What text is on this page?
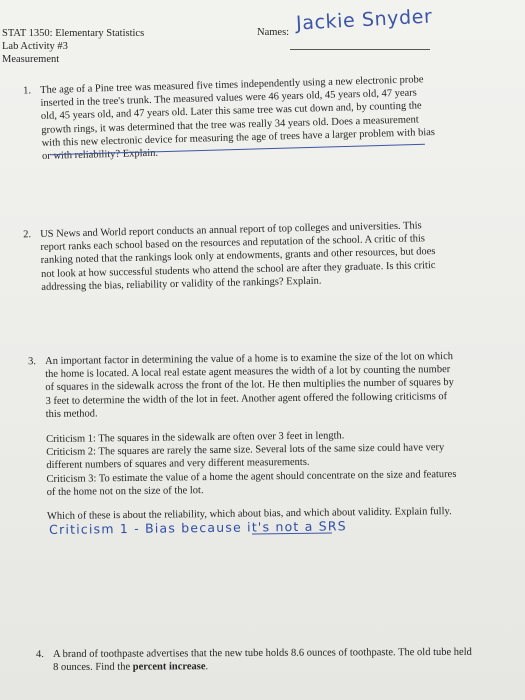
STAT 1350: Elementary Statistics
Lab Activity #3
Measurement
Names: Jackie Snyder
1. The age of a Pine tree was measured five times independently using a new electronic probe inserted in the tree's trunk. The measured values were 46 years old, 45 years old, 47 years old, 45 years old, and 47 years old. Later this same tree was cut down and, by counting the growth rings, it was determined that the tree was really 34 years old. Does a measurement with this new electronic device for measuring the age of trees have a larger problem with bias or with reliability? Explain.

2. US News and World report conducts an annual report of top colleges and universities. This report ranks each school based on the resources and reputation of the school. A critic of this ranking noted that the rankings look only at endowments, grants and other resources, but does not look at how successful students who attend the school are after they graduate. Is this critic addressing the bias, reliability or validity of the rankings? Explain.

3. An important factor in determining the value of a home is to examine the size of the lot on which the home is located. A local real estate agent measures the width of a lot by counting the number of squares in the sidewalk across the front of the lot. He then multiplies the number of squares by 3 feet to determine the width of the lot in feet. Another agent offered the following criticisms of this method.

Criticism 1: The squares in the sidewalk are often over 3 feet in length.

Criticism 2: The squares are rarely the same size. Several lots of the same size could have very different numbers of squares and very different measurements.

Criticism 3: To estimate the value of a home the agent should concentrate on the size and features of the home not on the size of the lot.

Which of these is about the reliability, which about bias, and which about validity. Explain fully.

Criticism 1 - Bias because it's not a SRS

4. A brand of toothpaste advertises that the new tube holds 8.6 ounces of toothpaste. The old tube held 8 ounces. Find the percent increase.
